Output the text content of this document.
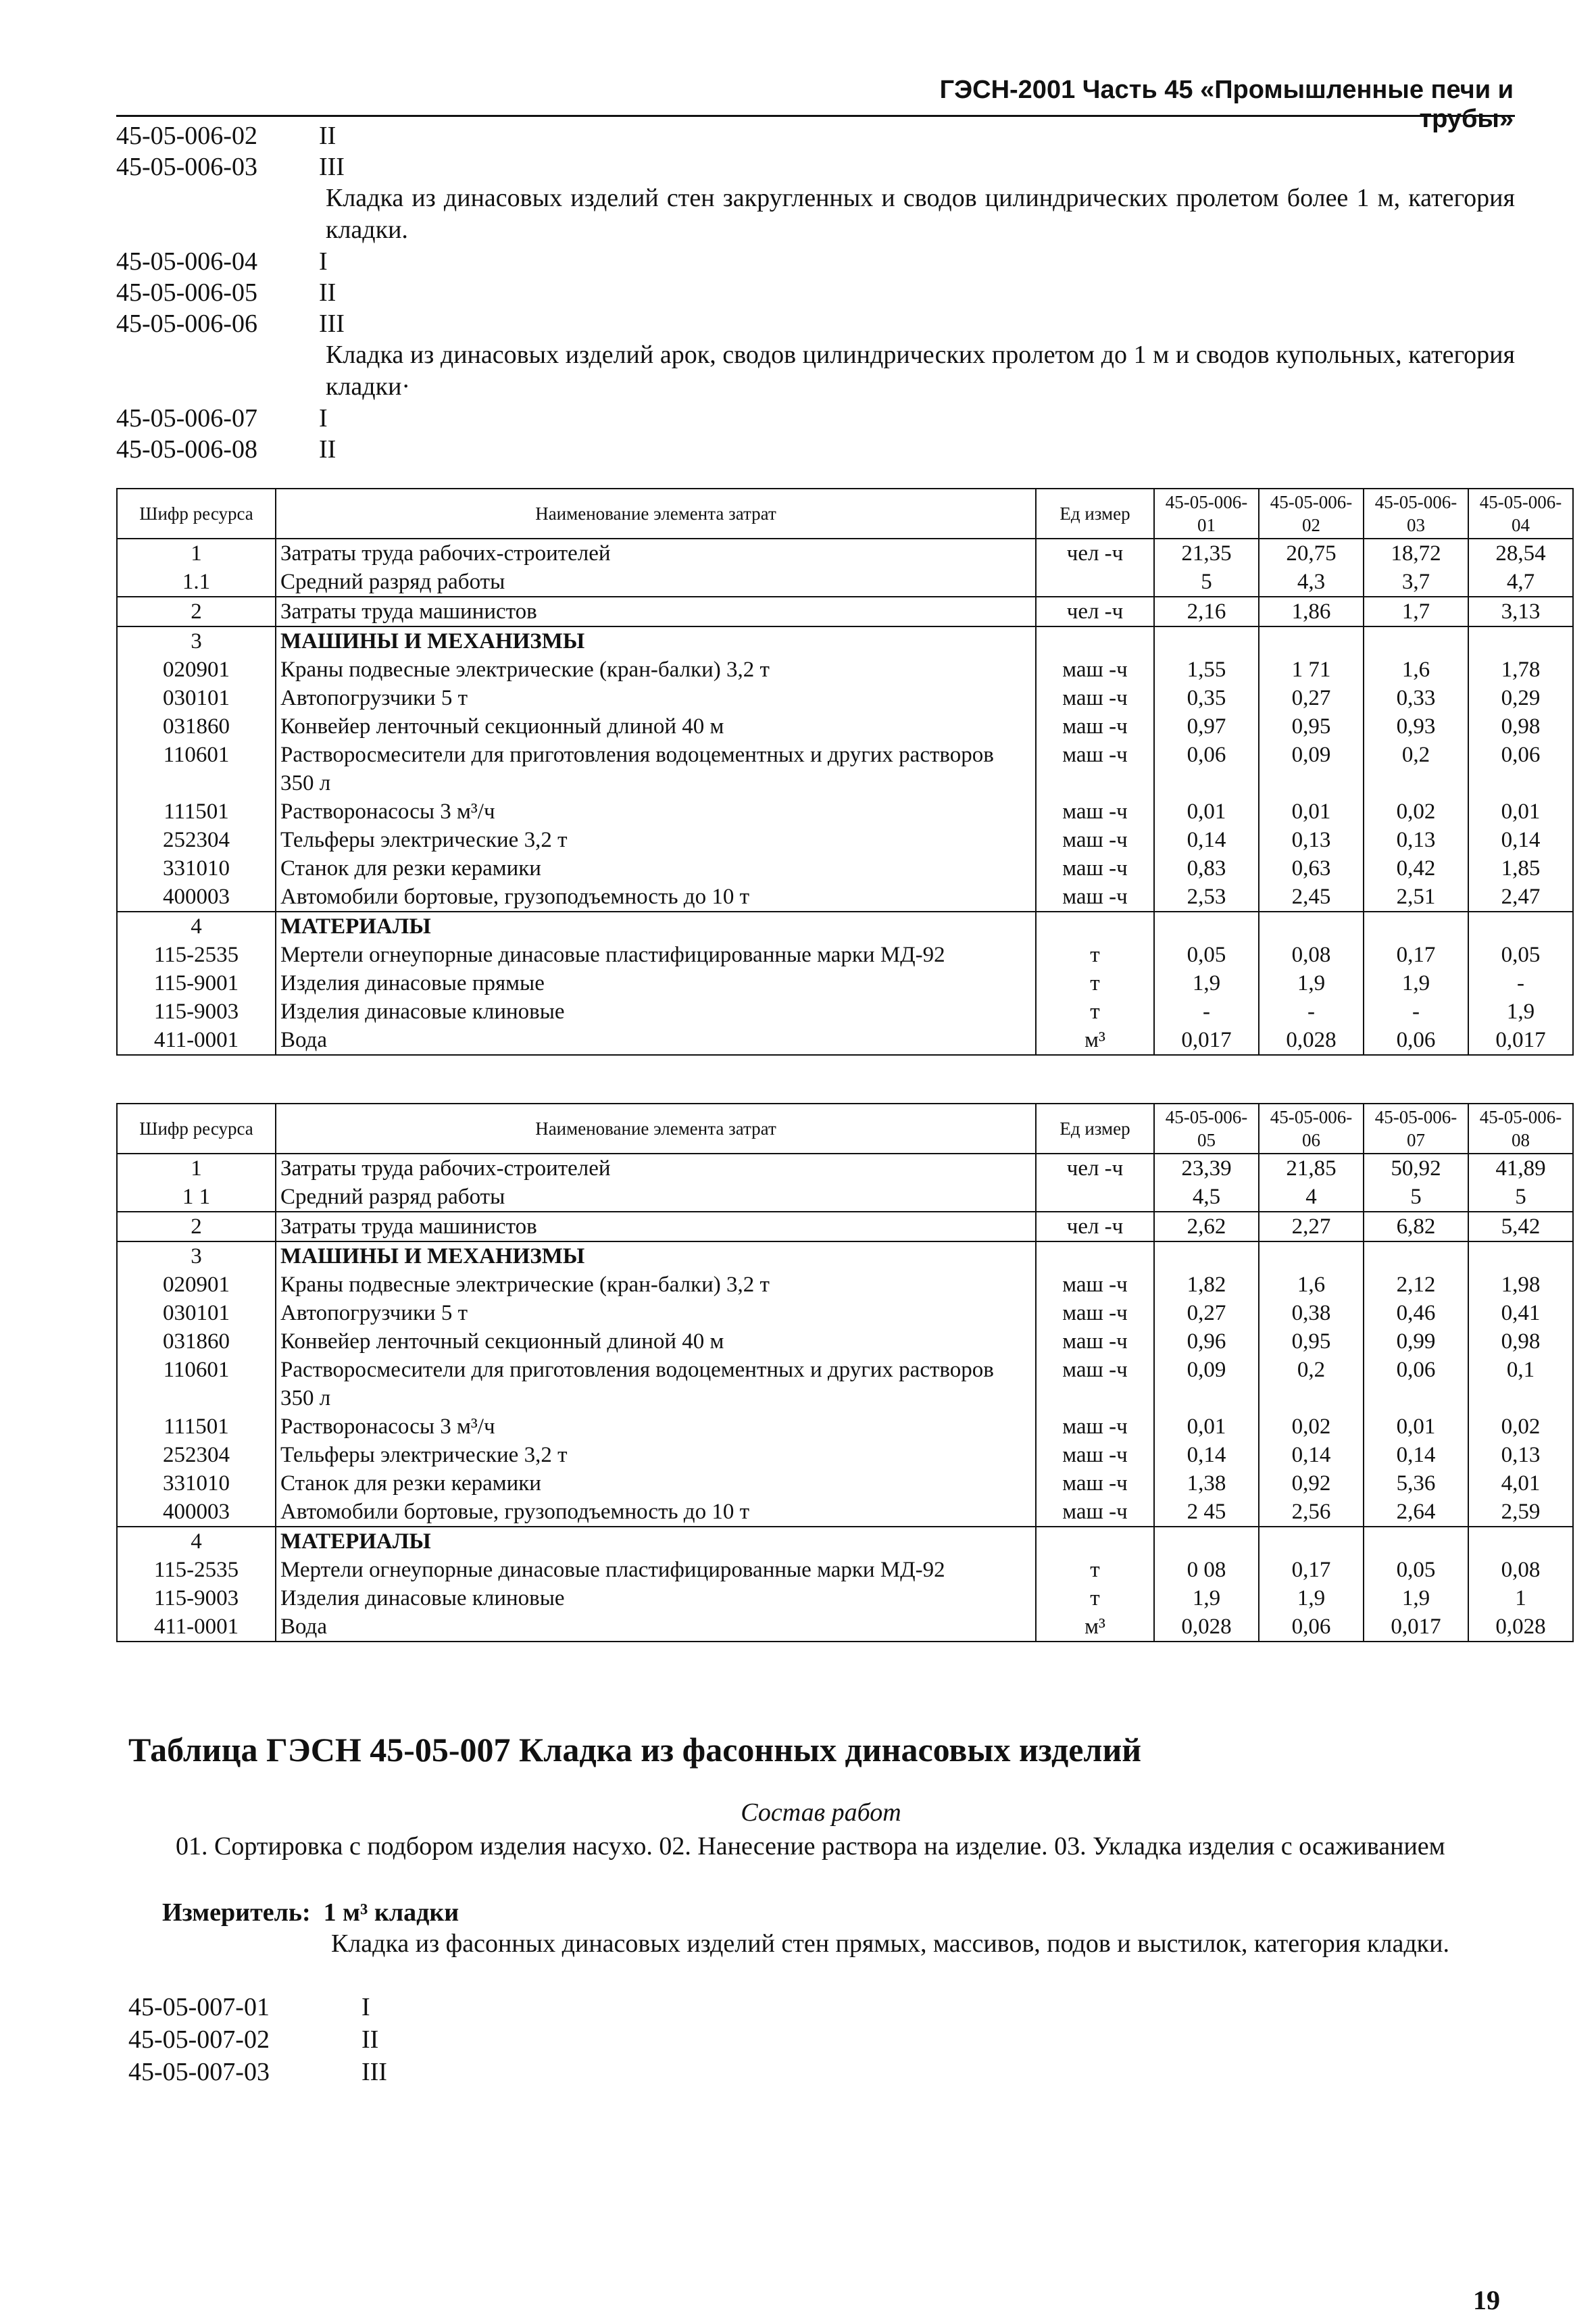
ГЭСН-2001 Часть 45 «Промышленные печи и трубы»
45-05-006-02	II
45-05-006-03	III
Кладка из динасовых изделий стен закругленных и сводов цилиндрических пролетом более 1 м, категория кладки.
45-05-006-04	I
45-05-006-05	II
45-05-006-06	III
Кладка из динасовых изделий арок, сводов цилиндрических пролетом до 1 м и сводов купольных, категория кладки·
45-05-006-07	I
45-05-006-08	II
Шифр ресурса	Наименование элемента затрат	Ед измер	45-05-006-01	45-05-006-02	45-05-006-03	45-05-006-04
1	Затраты труда рабочих-строителей	чел -ч	21,35	20,75	18,72	28,54
1.1	Средний разряд работы		5	4,3	3,7	4,7
2	Затраты труда машинистов	чел -ч	2,16	1,86	1,7	3,13
3	МАШИНЫ И МЕХАНИЗМЫ					
020901	Краны подвесные электрические (кран-балки) 3,2 т	маш -ч	1,55	1 71	1,6	1,78
030101	Автопогрузчики 5 т	маш -ч	0,35	0,27	0,33	0,29
031860	Конвейер ленточный секционный длиной 40 м	маш -ч	0,97	0,95	0,93	0,98
110601	Растворосмесители для приготовления водоцементных и других растворов 350 л	маш -ч	0,06	0,09	0,2	0,06
111501	Растворонасосы 3 м³/ч	маш -ч	0,01	0,01	0,02	0,01
252304	Тельферы электрические 3,2 т	маш -ч	0,14	0,13	0,13	0,14
331010	Станок для резки керамики	маш -ч	0,83	0,63	0,42	1,85
400003	Автомобили бортовые, грузоподъемность до 10 т	маш -ч	2,53	2,45	2,51	2,47
4	МАТЕРИАЛЫ					
115-2535	Мертели огнеупорные динасовые пластифицированные марки МД-92	т	0,05	0,08	0,17	0,05
115-9001	Изделия динасовые прямые	т	1,9	1,9	1,9	-
115-9003	Изделия динасовые клиновые	т	-	-	-	1,9
411-0001	Вода	м³	0,017	0,028	0,06	0,017
Шифр ресурса	Наименование элемента затрат	Ед измер	45-05-006-05	45-05-006-06	45-05-006-07	45-05-006-08
1	Затраты труда рабочих-строителей	чел -ч	23,39	21,85	50,92	41,89
1 1	Средний разряд работы		4,5	4	5	5
2	Затраты труда машинистов	чел -ч	2,62	2,27	6,82	5,42
3	МАШИНЫ И МЕХАНИЗМЫ					
020901	Краны подвесные электрические (кран-балки) 3,2 т	маш -ч	1,82	1,6	2,12	1,98
030101	Автопогрузчики 5 т	маш -ч	0,27	0,38	0,46	0,41
031860	Конвейер ленточный секционный длиной 40 м	маш -ч	0,96	0,95	0,99	0,98
110601	Растворосмесители для приготовления водоцементных и других растворов 350 л	маш -ч	0,09	0,2	0,06	0,1
111501	Растворонасосы 3 м³/ч	маш -ч	0,01	0,02	0,01	0,02
252304	Тельферы электрические 3,2 т	маш -ч	0,14	0,14	0,14	0,13
331010	Станок для резки керамики	маш -ч	1,38	0,92	5,36	4,01
400003	Автомобили бортовые, грузоподъемность до 10 т	маш -ч	2 45	2,56	2,64	2,59
4	МАТЕРИАЛЫ					
115-2535	Мертели огнеупорные динасовые пластифицированные марки МД-92	т	0 08	0,17	0,05	0,08
115-9003	Изделия динасовые клиновые	т	1,9	1,9	1,9	1
411-0001	Вода	м³	0,028	0,06	0,017	0,028
Таблица ГЭСН 45-05-007 Кладка из фасонных динасовых изделий
Состав работ
01. Сортировка с подбором изделия насухо. 02. Нанесение раствора на изделие. 03. Укладка изделия с осаживанием
Измеритель: 1 м³ кладки
Кладка из фасонных динасовых изделий стен прямых, массивов, подов и выстилок, категория кладки.
45-05-007-01	I
45-05-007-02	II
45-05-007-03	III
19
